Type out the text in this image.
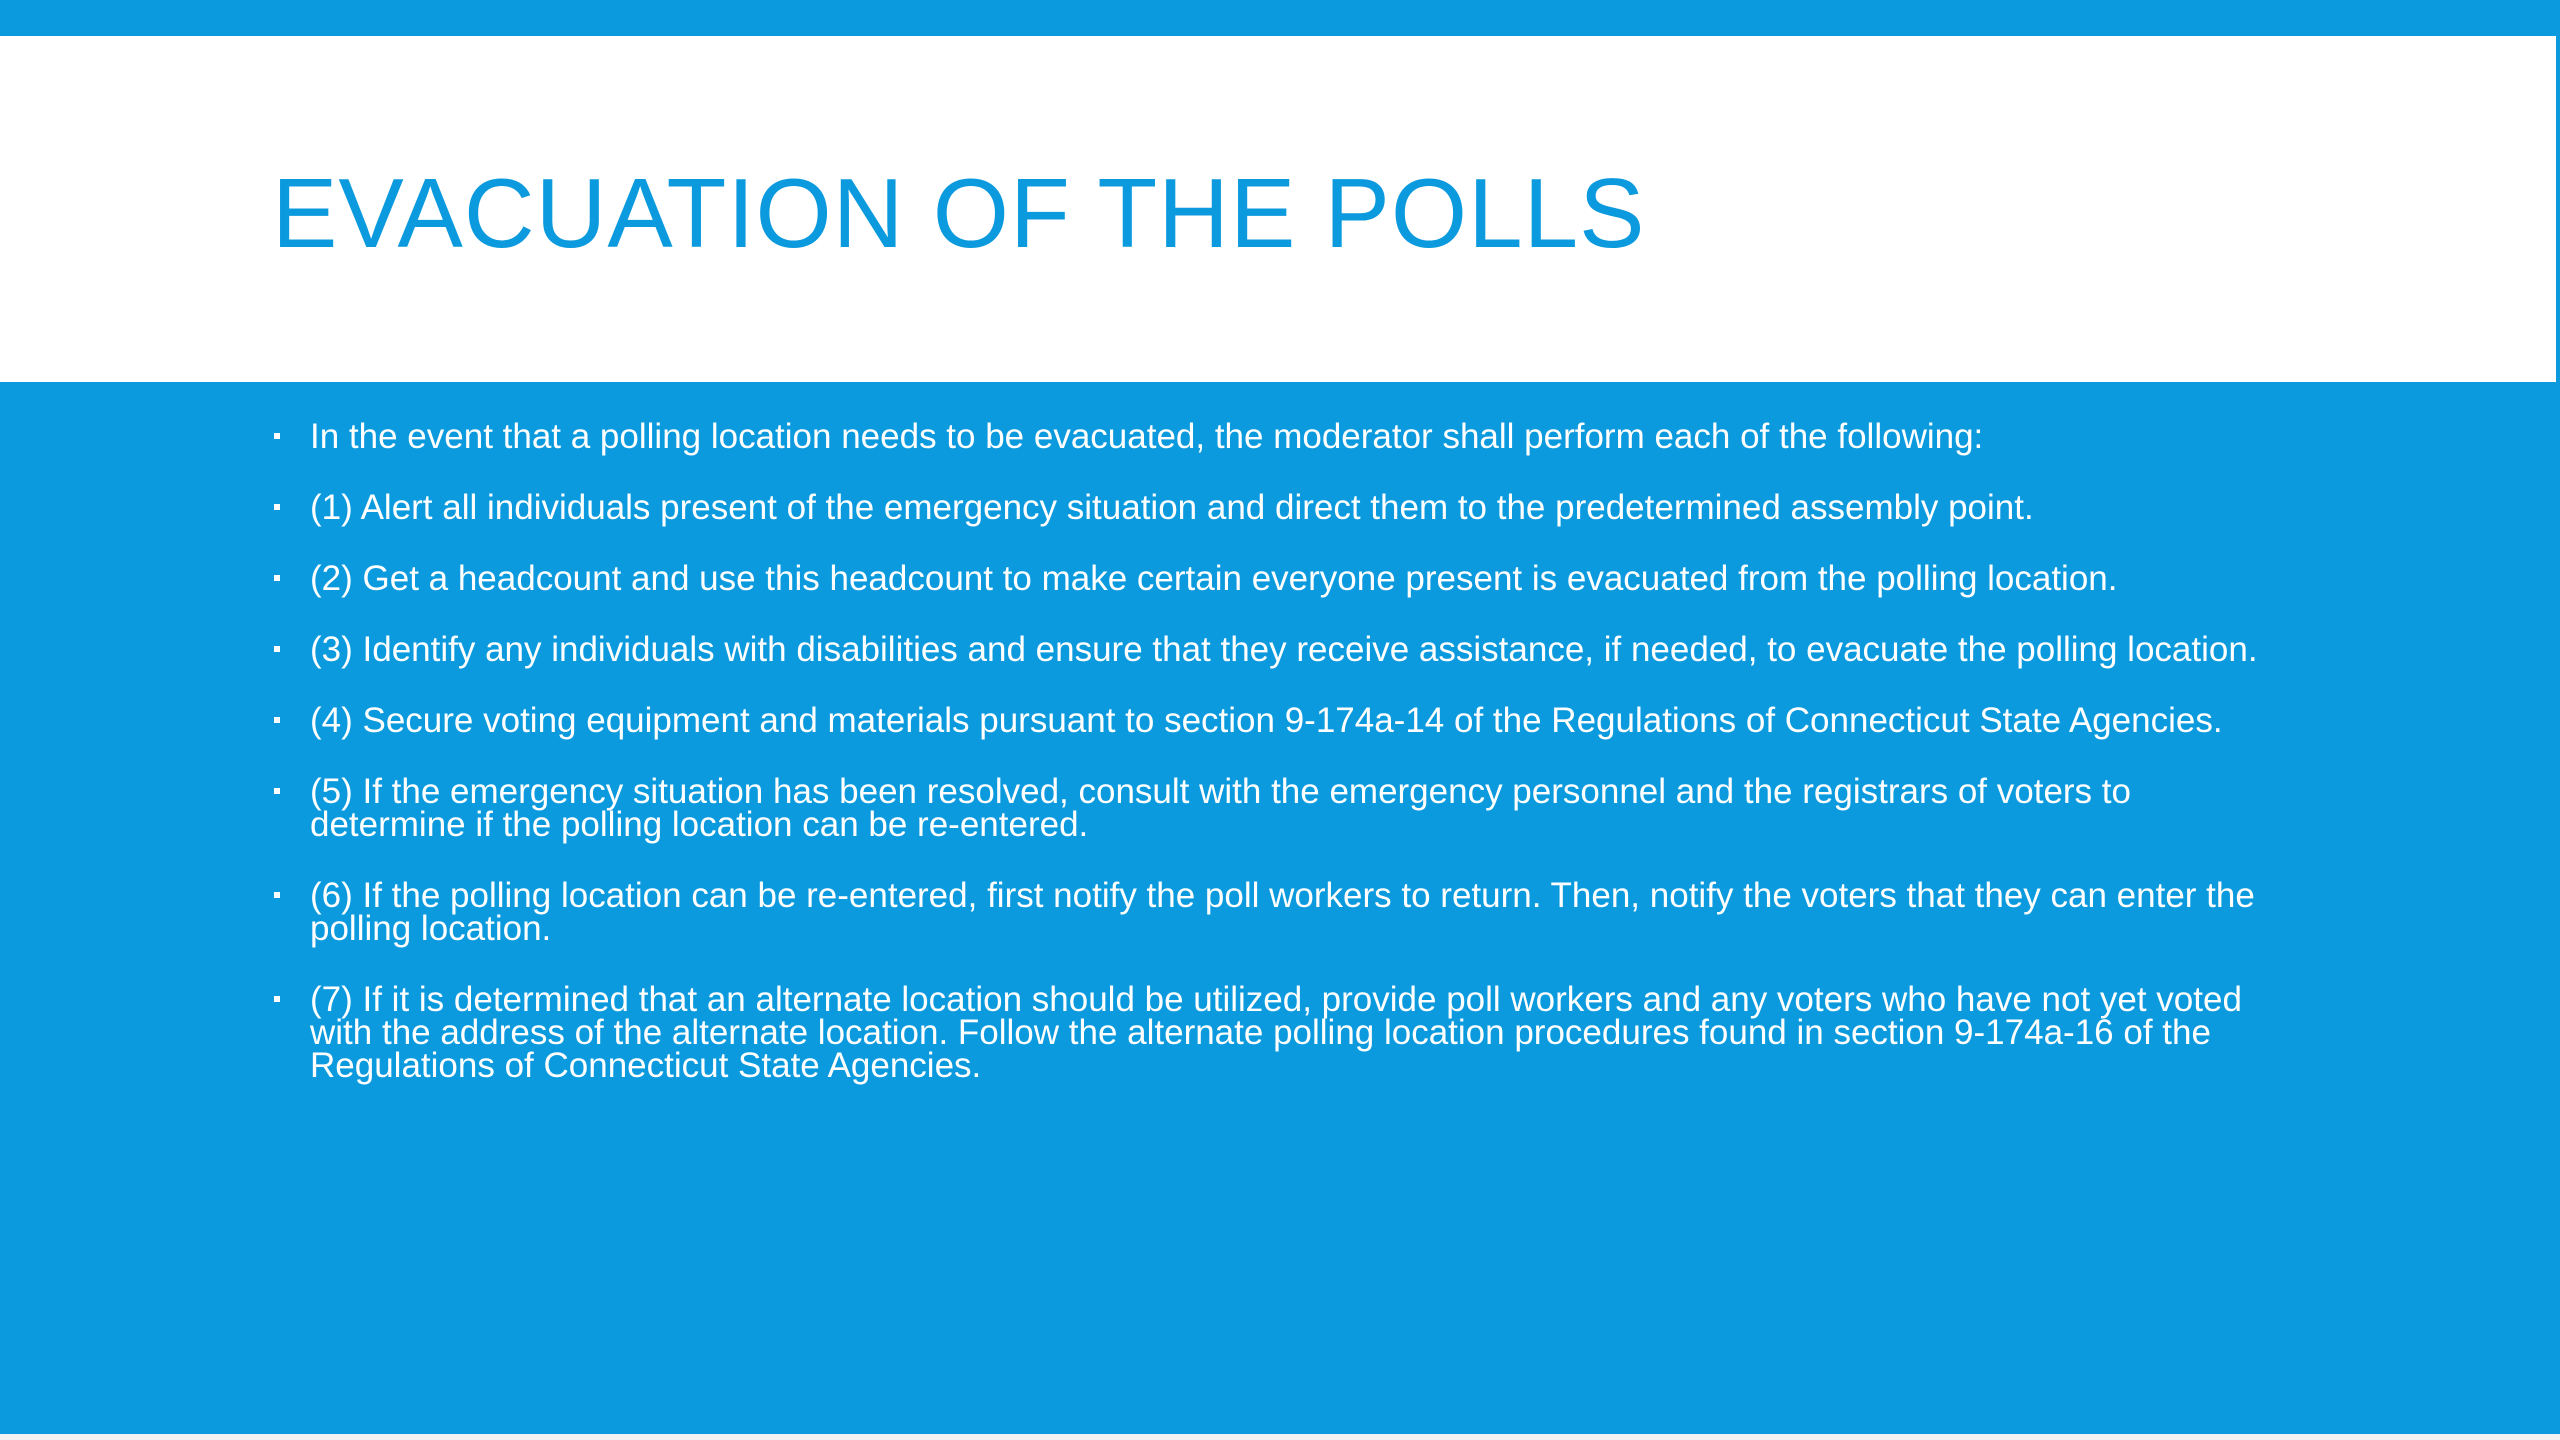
EVACUATION OF THE POLLS
In the event that a polling location needs to be evacuated, the moderator shall perform each of the following:
(1) Alert all individuals present of the emergency situation and direct them to the predetermined assembly point.
(2) Get a headcount and use this headcount to make certain everyone present is evacuated from the polling location.
(3) Identify any individuals with disabilities and ensure that they receive assistance, if needed, to evacuate the polling location.
(4) Secure voting equipment and materials pursuant to section 9-174a-14 of the Regulations of Connecticut State Agencies.
(5) If the emergency situation has been resolved, consult with the emergency personnel and the registrars of voters to determine if the polling location can be re-entered.
(6) If the polling location can be re-entered, first notify the poll workers to return. Then, notify the voters that they can enter the polling location.
(7) If it is determined that an alternate location should be utilized, provide poll workers and any voters who have not yet voted with the address of the alternate location. Follow the alternate polling location procedures found in section 9-174a-16 of the Regulations of Connecticut State Agencies.
